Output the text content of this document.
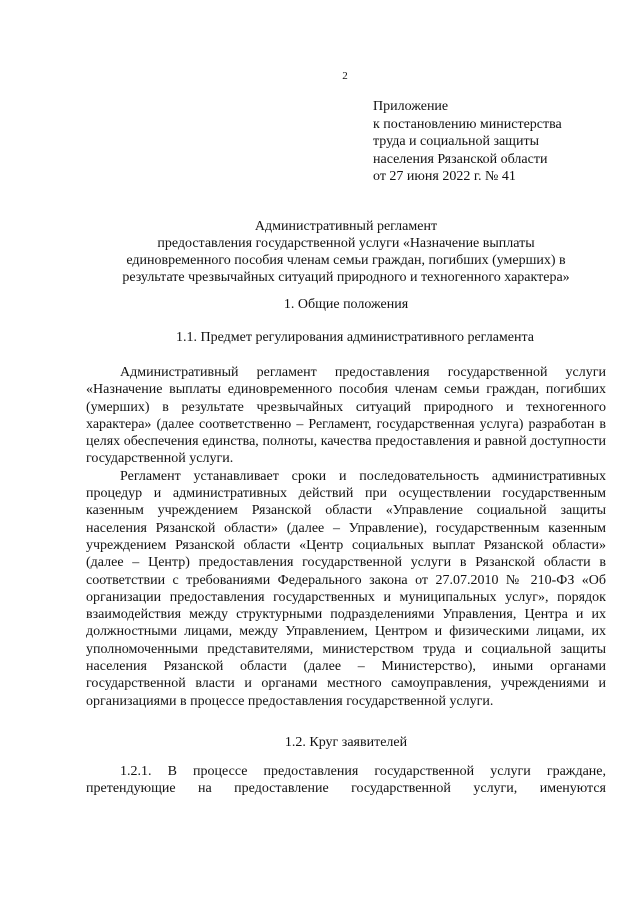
2
Приложение
к постановлению министерства
труда и социальной защиты
населения Рязанской области
от 27 июня 2022 г. № 41
Административный регламент
предоставления государственной услуги «Назначение выплаты
единовременного пособия членам семьи граждан, погибших (умерших) в
результате чрезвычайных ситуаций природного и техногенного характера»
1. Общие положения
1.1. Предмет регулирования административного регламента

Административный регламент предоставления государственной услуги «Назначение выплаты единовременного пособия членам семьи граждан, погибших (умерших) в результате чрезвычайных ситуаций природного и техногенного характера» (далее соответственно – Регламент, государственная услуга) разработан в целях обеспечения единства, полноты, качества предоставления и равной доступности государственной услуги.

Регламент устанавливает сроки и последовательность административных процедур и административных действий при осуществлении государственным казенным учреждением Рязанской области «Управление социальной защиты населения Рязанской области» (далее – Управление), государственным казенным учреждением Рязанской области «Центр социальных выплат Рязанской области» (далее – Центр) предоставления государственной услуги в Рязанской области в соответствии с требованиями Федерального закона от 27.07.2010 № 210-ФЗ «Об организации предоставления государственных и муниципальных услуг», порядок взаимодействия между структурными подразделениями Управления, Центра и их должностными лицами, между Управлением, Центром и физическими лицами, их уполномоченными представителями, министерством труда и социальной защиты населения Рязанской области (далее – Министерство), иными органами государственной власти и органами местного самоуправления, учреждениями и организациями в процессе предоставления государственной услуги.

1.2. Круг заявителей

1.2.1. В процессе предоставления государственной услуги граждане, претендующие на предоставление государственной услуги, именуются
